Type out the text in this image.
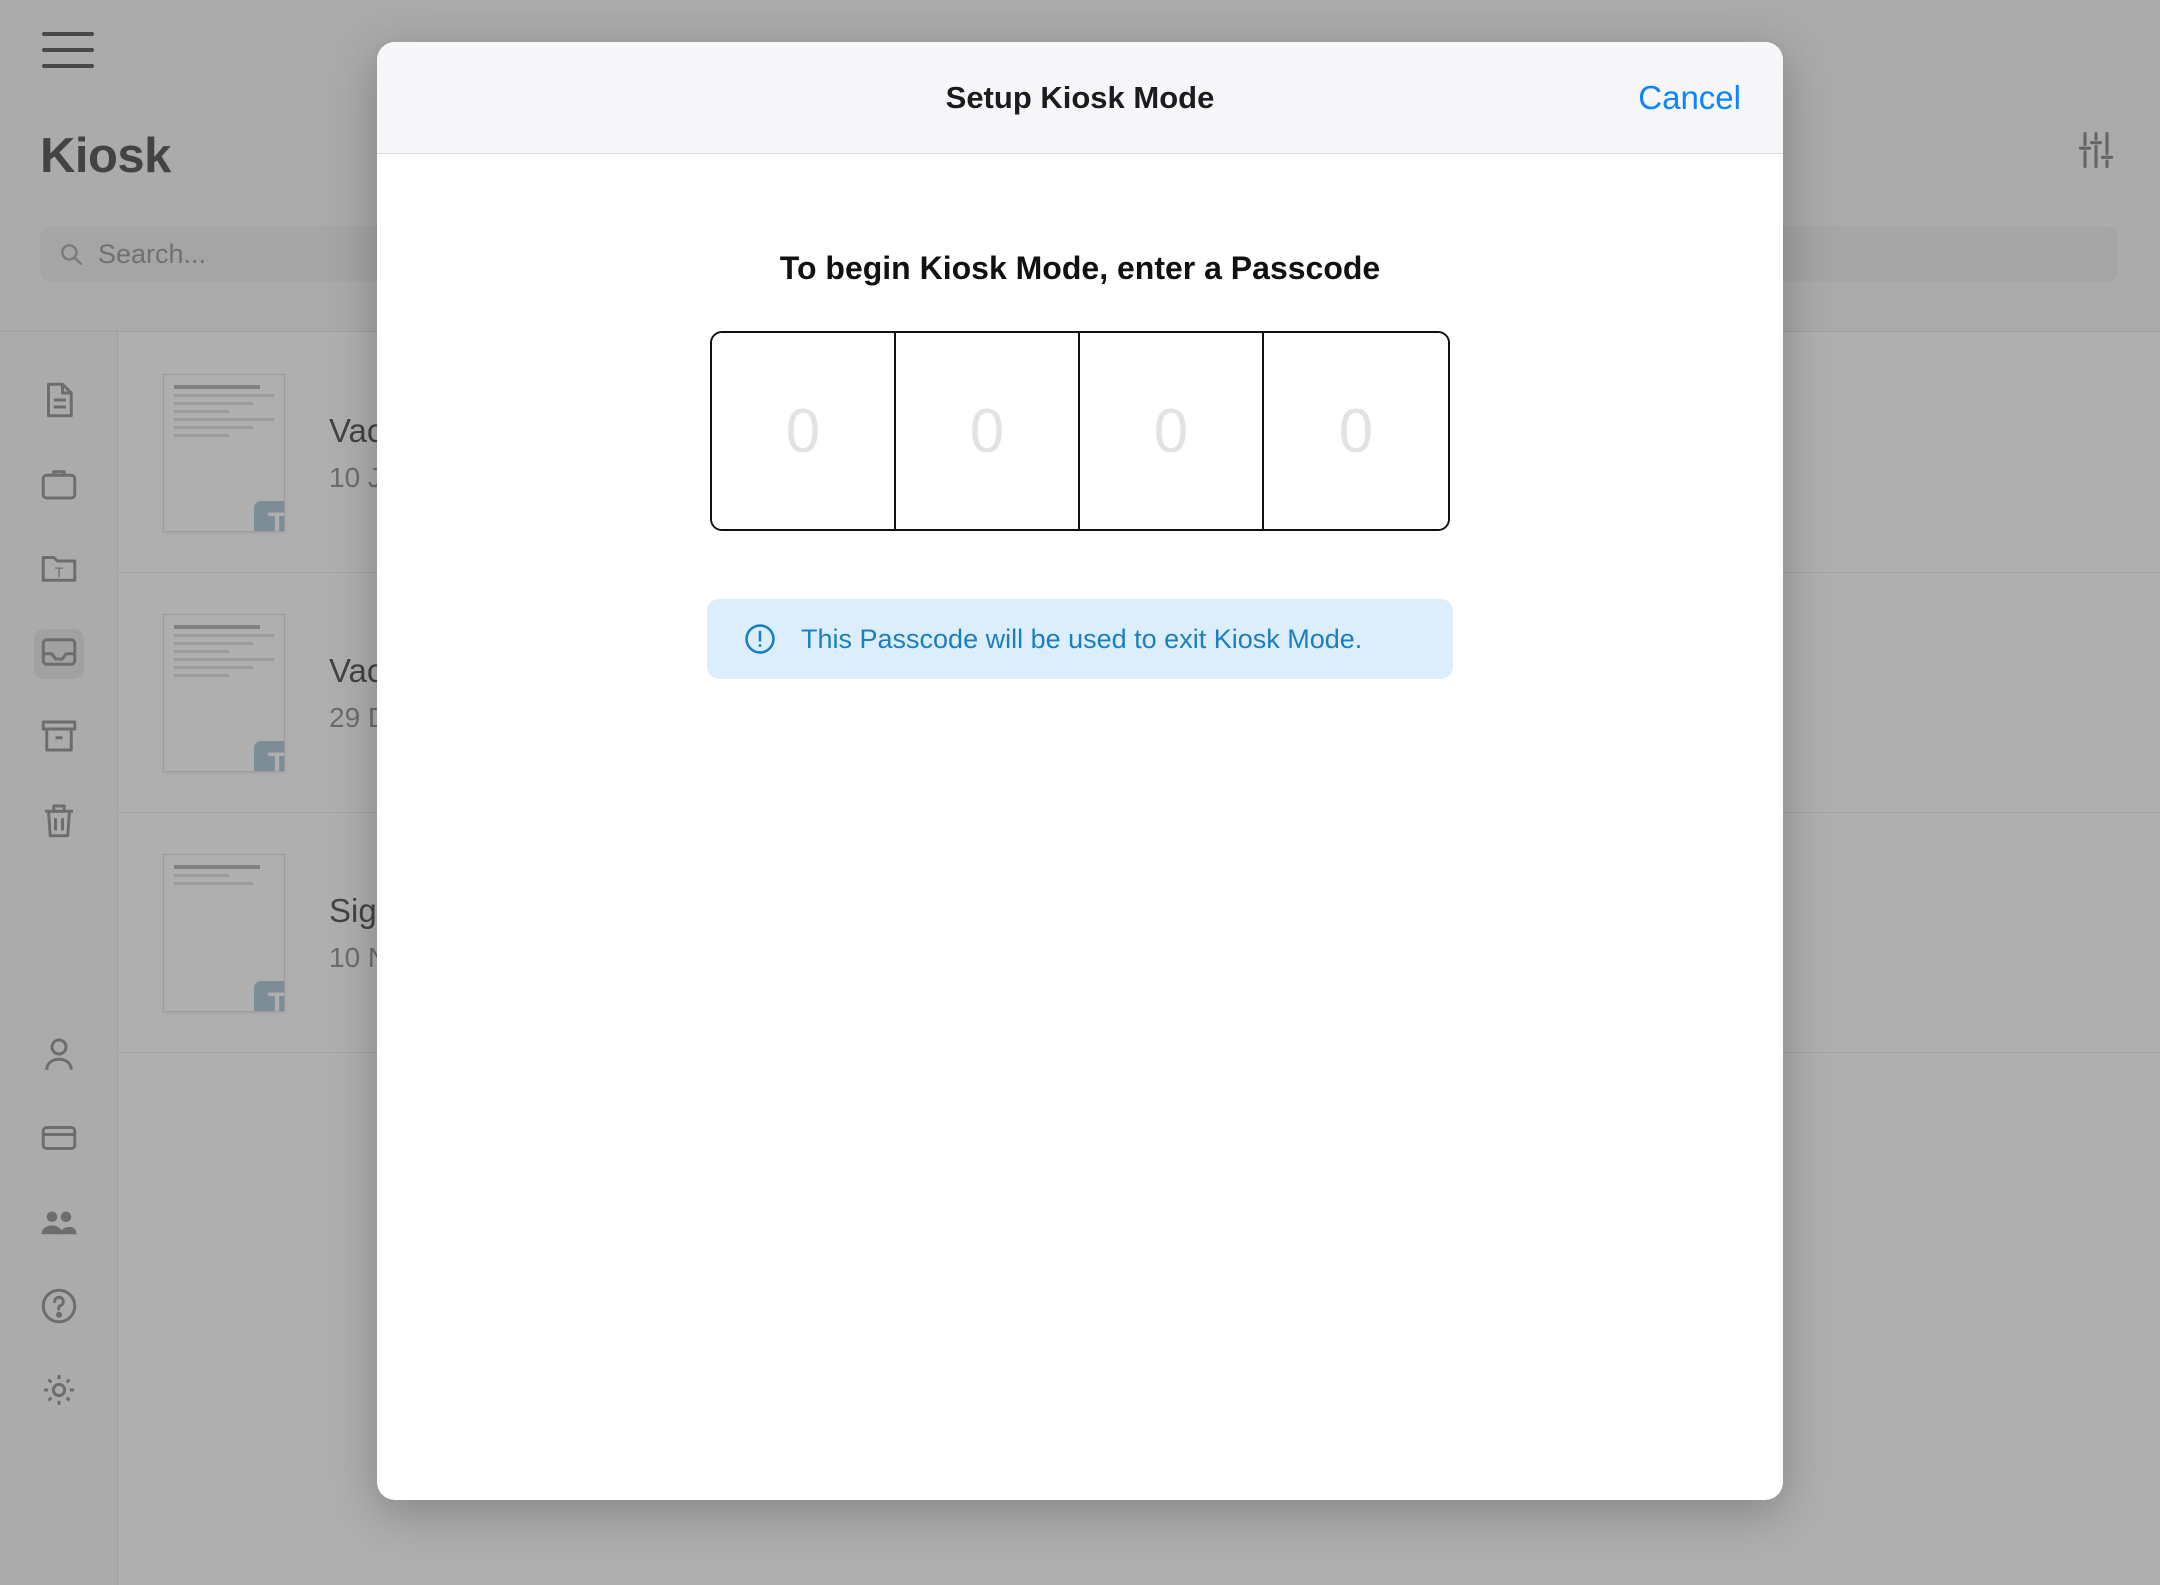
Search...
Setup Kiosk Mode	Cancel
To begin Kiosk Mode, enter a Passcode
0	0	0	0
This Passcode will be used to exit Kiosk Mode.
